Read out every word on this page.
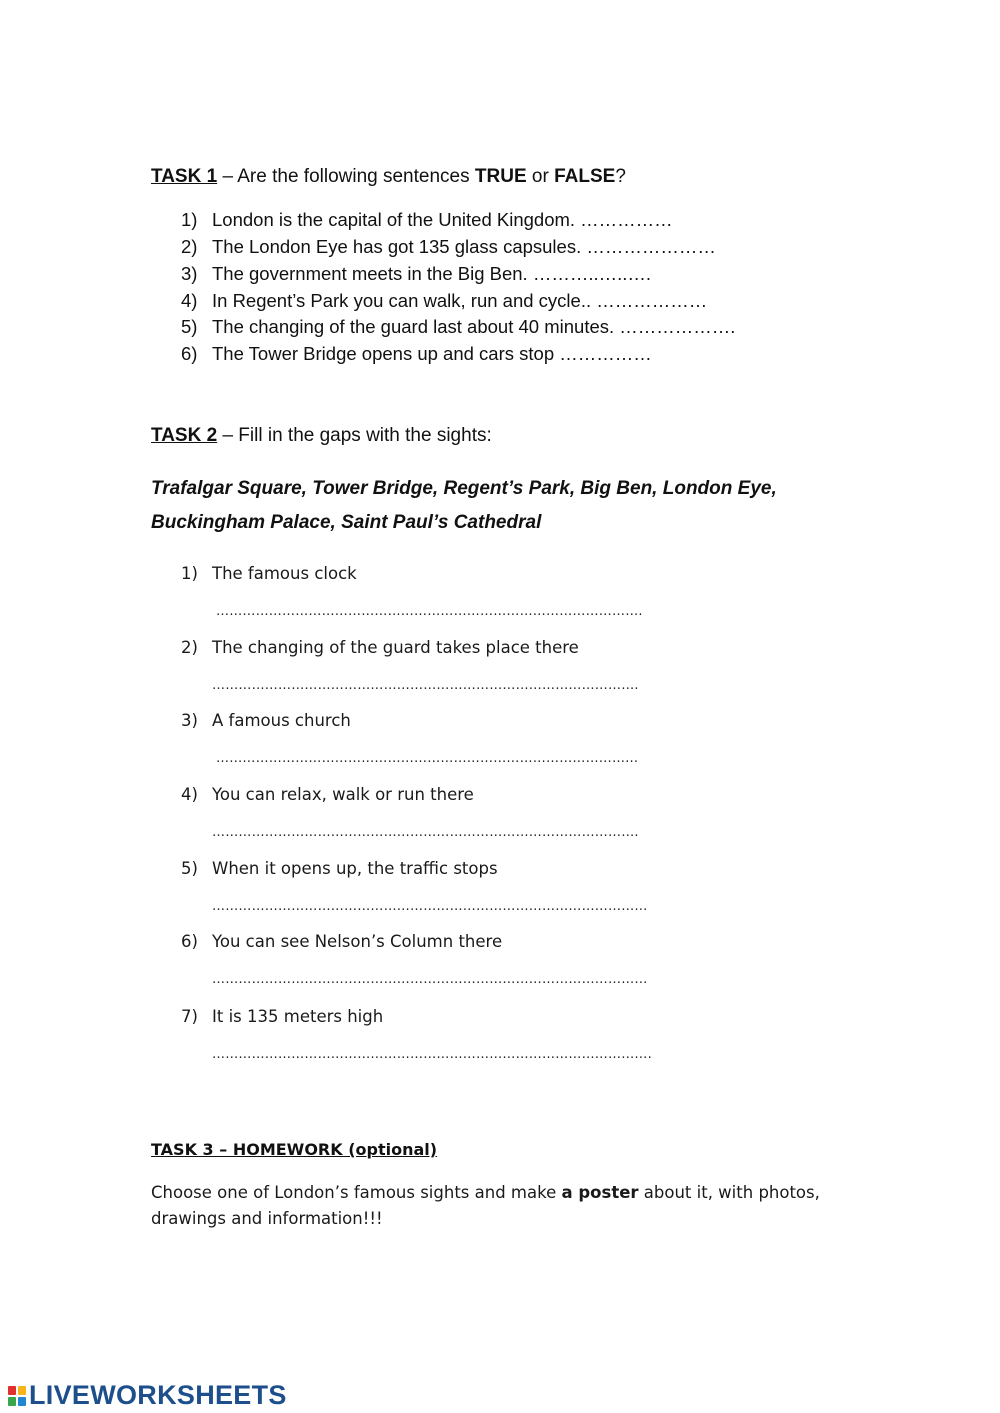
TASK 1 – Are the following sentences TRUE or FALSE?
1) London is the capital of the United Kingdom. ……………
2) The London Eye has got 135 glass capsules. …………………
3) The government meets in the Big Ben. ………..…..….
4) In Regent’s Park you can walk, run and cycle.. ………………
5) The changing of the guard last about 40 minutes. ……………….
6) The Tower Bridge opens up and cars stop ……………
TASK 2 – Fill in the gaps with the sights:
Trafalgar Square, Tower Bridge, Regent’s Park, Big Ben, London Eye,
Buckingham Palace, Saint Paul’s Cathedral
1) The famous clock
…………………………………………………………………………………….
2) The changing of the guard takes place there
…………………………………………………………………………………….
3) A famous church
…………………………………………………………………………………...
4) You can relax, walk or run there
…………………………………………………………………………………….
5) When it opens up, the traffic stops
………………………………………………………………………………………
6) You can see Nelson’s Column there
………………………………………………………………………………………
7) It is 135 meters high
……………………………………………………………………………………….
TASK 3 – HOMEWORK (optional)
Choose one of London’s famous sights and make a poster about it, with photos,
drawings and information!!!
LIVEWORKSHEETS
